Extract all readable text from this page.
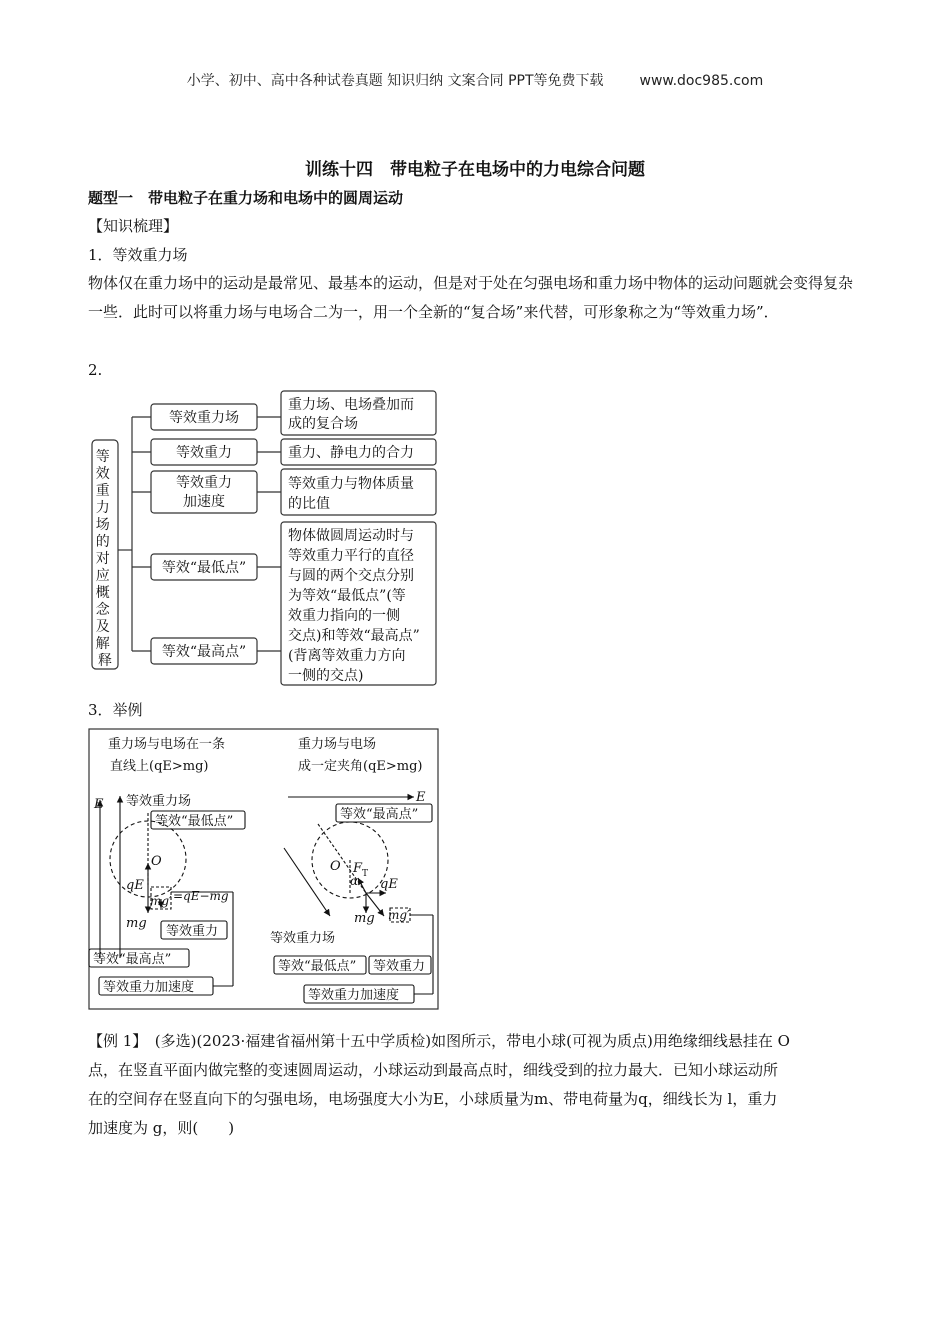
小学、初中、高中各种试卷真题 知识归纳 文案合同 PPT等免费下载	www.doc985.com
训练十四　带电粒子在电场中的力电综合问题
题型一　带电粒子在重力场和电场中的圆周运动
【知识梳理】
1．等效重力场
物体仅在重力场中的运动是最常见、最基本的运动，但是对于处在匀强电场和重力场中物体的运动问题就会变得复杂一些．此时可以将重力场与电场合二为一，用一个全新的“复合场”来代替，可形象称之为“等效重力场”．
2.
等 效 重 力 场 的 对 应 概 念 及 解 释
等效重力场
等效重力
等效重力
加速度
等效“最低点”
等效“最高点”
重力场、电场叠加而
成的复合场
重力、静电力的合力
等效重力与物体质量
的比值
物体做圆周运动时与
等效重力平行的直径
与圆的两个交点分别
为等效“最低点”(等
效重力指向的一侧
交点)和等效“最高点”
(背离等效重力方向
一侧的交点)
3．举例
重力场与电场在一条
直线上(qE>mg)
E 等效重力场
等效“最低点”
O
qE
mg′ =qE−mg
mg
等效重力
等效“最高点”
等效重力加速度
重力场与电场
成一定夹角(qE>mg)
E
等效“最高点”
O F T
α qE
mg mg′
等效重力场
等效“最低点” 等效重力
等效重力加速度
【例 1】　(多选)(2023·福建省福州第十五中学质检)如图所示，带电小球(可视为质点)用绝缘细线悬挂在 O
点，在竖直平面内做完整的变速圆周运动，小球运动到最高点时，细线受到的拉力最大．已知小球运动所
在的空间存在竖直向下的匀强电场，电场强度大小为E，小球质量为m、带电荷量为q，细线长为 l，重力
加速度为 g，则(　　)
